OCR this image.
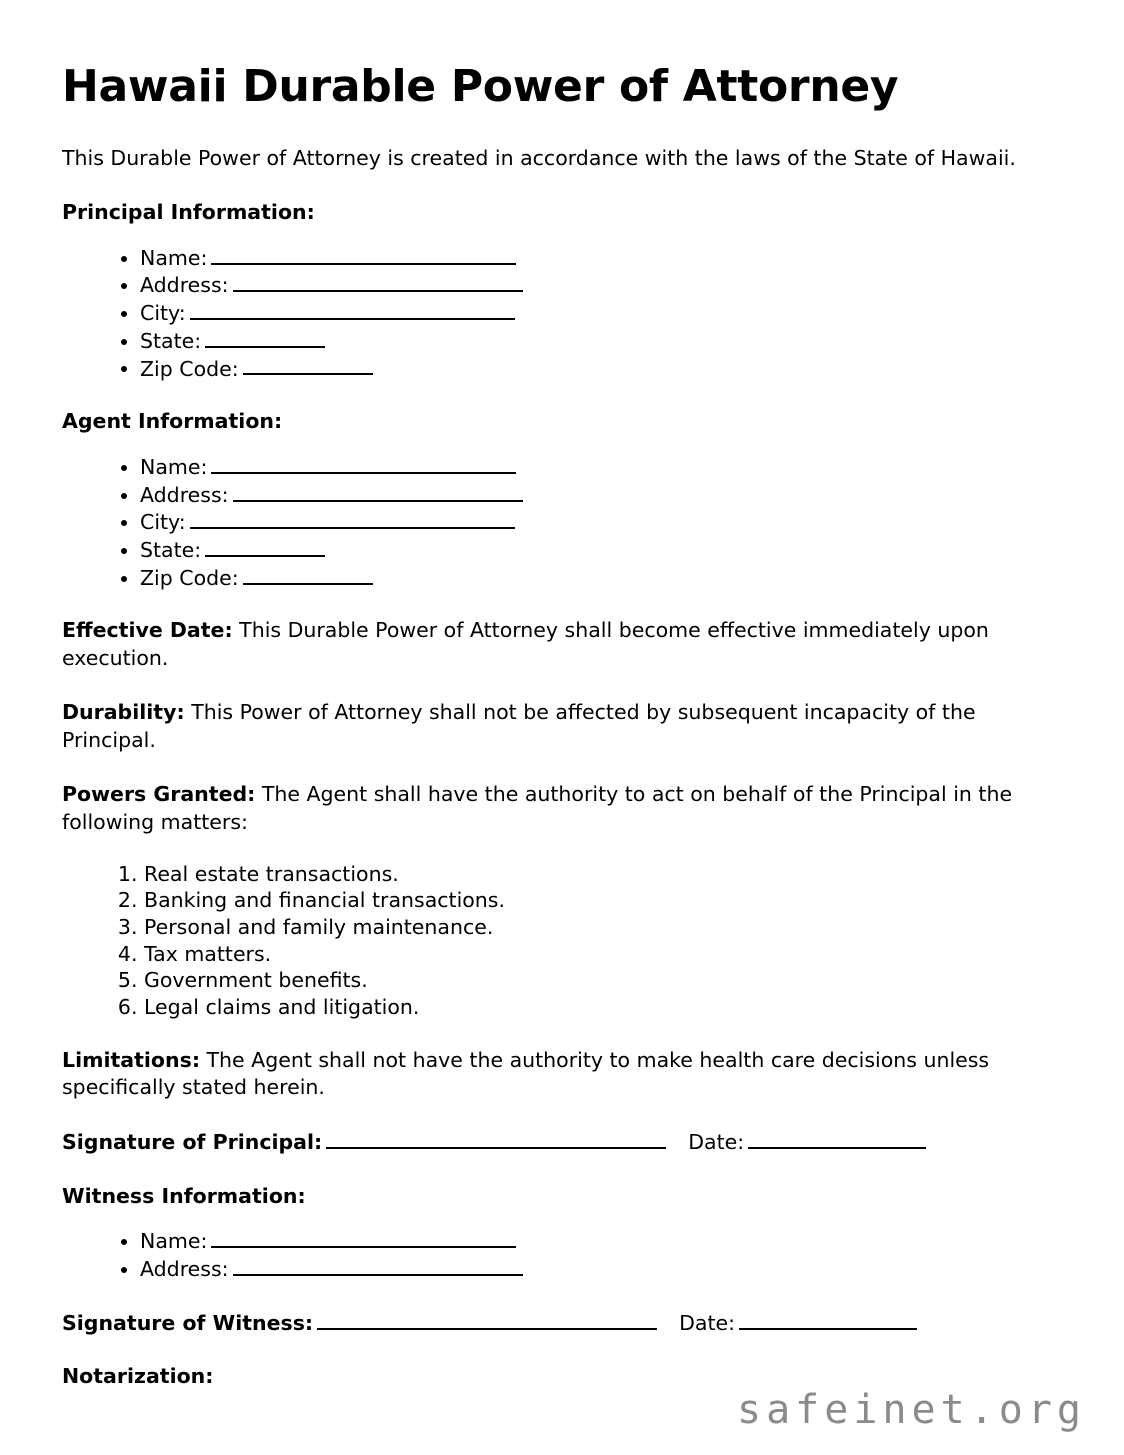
Hawaii Durable Power of Attorney

This Durable Power of Attorney is created in accordance with the laws of the State of Hawaii.

Principal Information:
• Name:
• Address:
• City:
• State:
• Zip Code:
Agent Information:
• Name:
• Address:
• City:
• State:
• Zip Code:

Effective Date: This Durable Power of Attorney shall become effective immediately upon execution.

Durability: This Power of Attorney shall not be affected by subsequent incapacity of the Principal.

Powers Granted: The Agent shall have the authority to act on behalf of the Principal in the following matters:

1. Real estate transactions.
2. Banking and financial transactions.
3. Personal and family maintenance.
4. Tax matters.
5. Government benefits.
6. Legal claims and litigation.

Limitations: The Agent shall not have the authority to make health care decisions unless specifically stated herein.

Signature of Principal:	Date:
Witness Information:
• Name:
• Address:
Signature of Witness:	Date:
Notarization:
safeinet.org
